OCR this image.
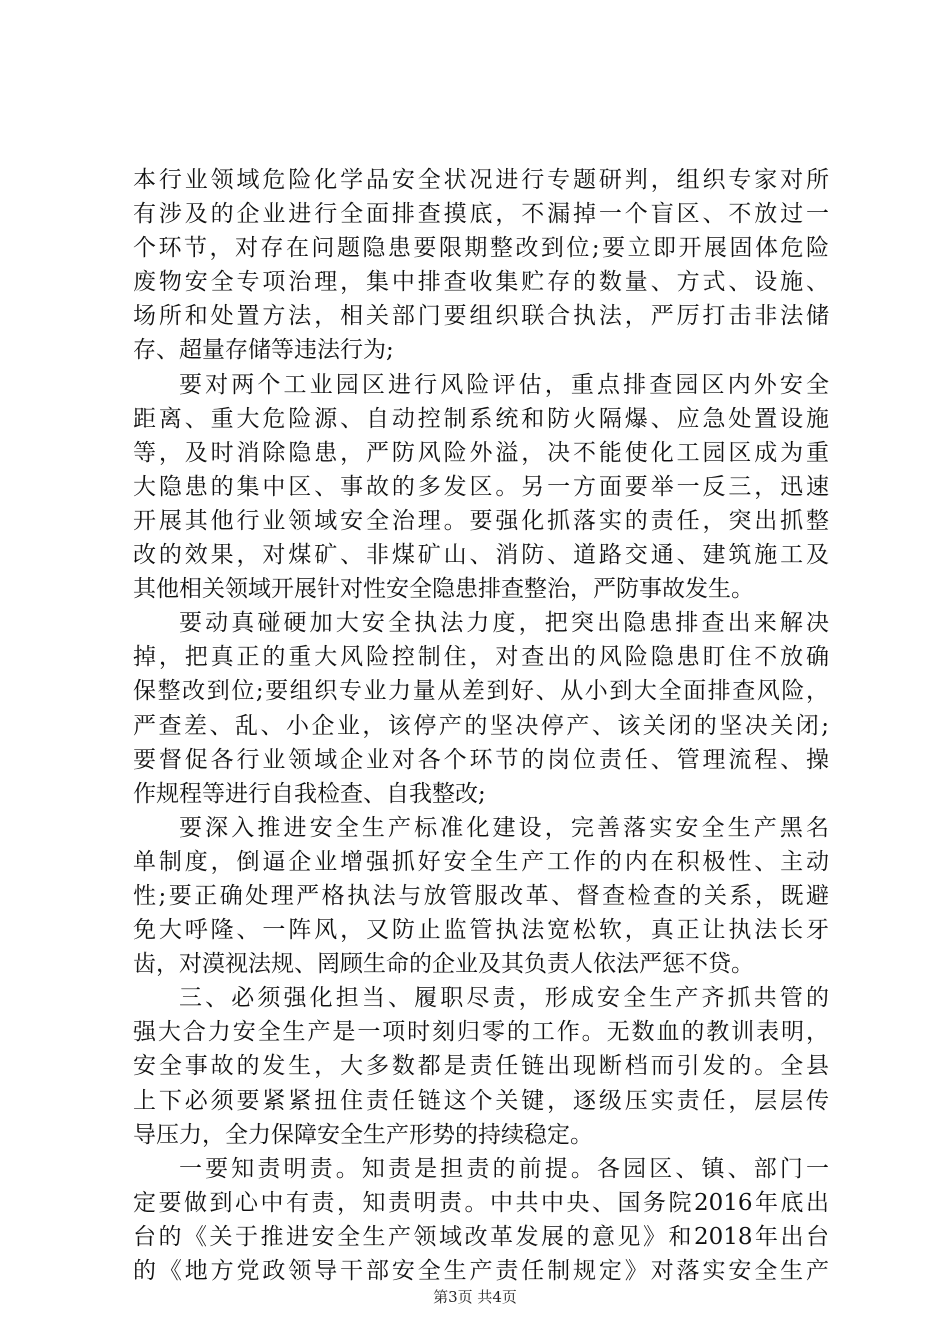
本行业领域危险化学品安全状况进行专题研判，组织专家对所
有涉及的企业进行全面排查摸底，不漏掉一个盲区、不放过一
个环节，对存在问题隐患要限期整改到位;要立即开展固体危险
废物安全专项治理，集中排查收集贮存的数量、方式、设施、
场所和处置方法，相关部门要组织联合执法，严厉打击非法储
存、超量存储等违法行为;
要对两个工业园区进行风险评估，重点排查园区内外安全
距离、重大危险源、自动控制系统和防火隔爆、应急处置设施
等，及时消除隐患，严防风险外溢，决不能使化工园区成为重
大隐患的集中区、事故的多发区。另一方面要举一反三，迅速
开展其他行业领域安全治理。要强化抓落实的责任，突出抓整
改的效果，对煤矿、非煤矿山、消防、道路交通、建筑施工及
其他相关领域开展针对性安全隐患排查整治，严防事故发生。
要动真碰硬加大安全执法力度，把突出隐患排查出来解决
掉，把真正的重大风险控制住，对查出的风险隐患盯住不放确
保整改到位;要组织专业力量从差到好、从小到大全面排查风险，
严查差、乱、小企业，该停产的坚决停产、该关闭的坚决关闭;
要督促各行业领域企业对各个环节的岗位责任、管理流程、操
作规程等进行自我检查、自我整改;
要深入推进安全生产标准化建设，完善落实安全生产黑名
单制度，倒逼企业增强抓好安全生产工作的内在积极性、主动
性;要正确处理严格执法与放管服改革、督查检查的关系，既避
免大呼隆、一阵风，又防止监管执法宽松软，真正让执法长牙
齿，对漠视法规、罔顾生命的企业及其负责人依法严惩不贷。
三、必须强化担当、履职尽责，形成安全生产齐抓共管的
强大合力安全生产是一项时刻归零的工作。无数血的教训表明，
安全事故的发生，大多数都是责任链出现断档而引发的。全县
上下必须要紧紧扭住责任链这个关键，逐级压实责任，层层传
导压力，全力保障安全生产形势的持续稳定。
一要知责明责。知责是担责的前提。各园区、镇、部门一
定要做到心中有责，知责明责。中共中央、国务院2016年底出
台的《关于推进安全生产领域改革发展的意见》和2018年出台
的《地方党政领导干部安全生产责任制规定》对落实安全生产
第3页 共4页
